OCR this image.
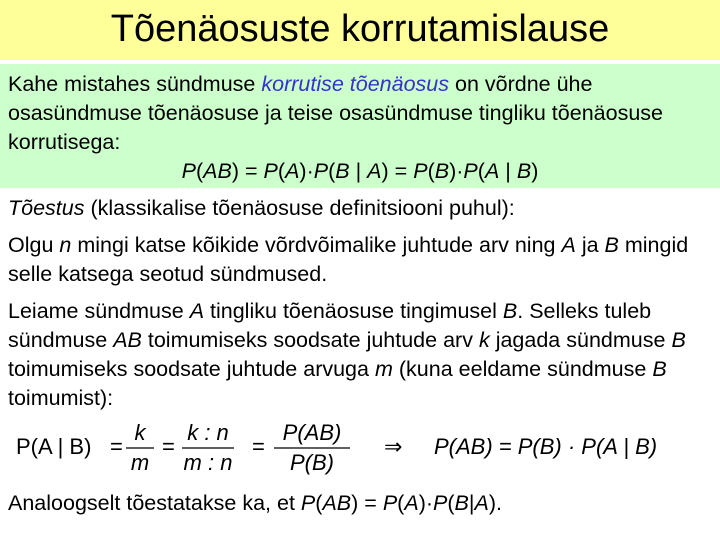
Tõenäosuste korrutamislause
Kahe mistahes sündmuse korrutise tõenäosus on võrdne ühe osasündmuse tõenäosuse ja teise osasündmuse tingliku tõenäosuse korrutisega:
P(AB) = P(A)·P(B | A) = P(B)·P(A | B)

Tõestus (klassikalise tõenäosuse definitsiooni puhul):

Olgu n mingi katse kõikide võrdvõimalike juhtude arv ning A ja B mingid selle katsega seotud sündmused.

Leiame sündmuse A tingliku tõenäosuse tingimusel B. Selleks tuleb sündmuse AB toimumiseks soodsate juhtude arv k jagada sündmuse B toimumiseks soodsate juhtude arvuga m (kuna eeldame sündmuse B toimumist):

P(A | B) =
k
m
=
k : n
m : n
=
P(AB)
P(B)
⇒ P(AB) = P(B) · P(A | B)
Analoogselt tõestatakse ka, et P(AB) = P(A)·P(B|A).
